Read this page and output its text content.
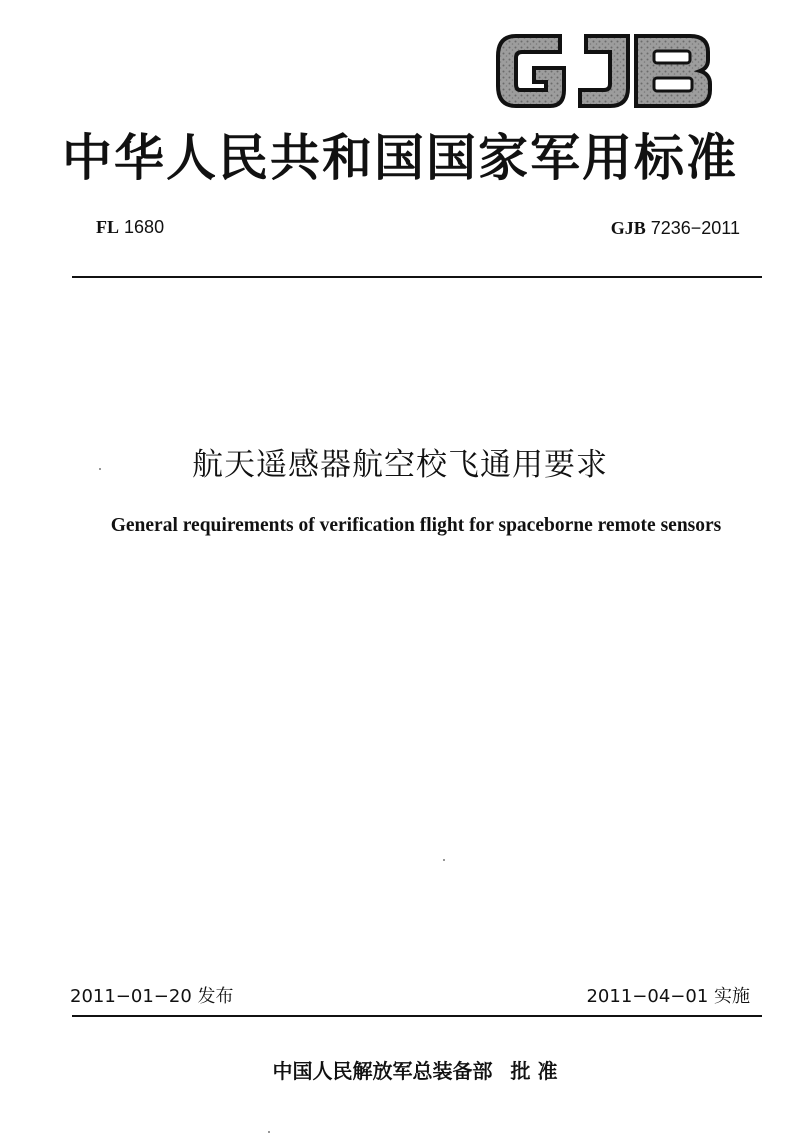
中华人民共和国国家军用标准
FL 1680	GJB 7236−2011
航天遥感器航空校飞通用要求
General requirements of verification flight for spaceborne remote sensors
2011−01−20 发布	2011−04−01 实施
中国人民解放军总装备部 批 准
